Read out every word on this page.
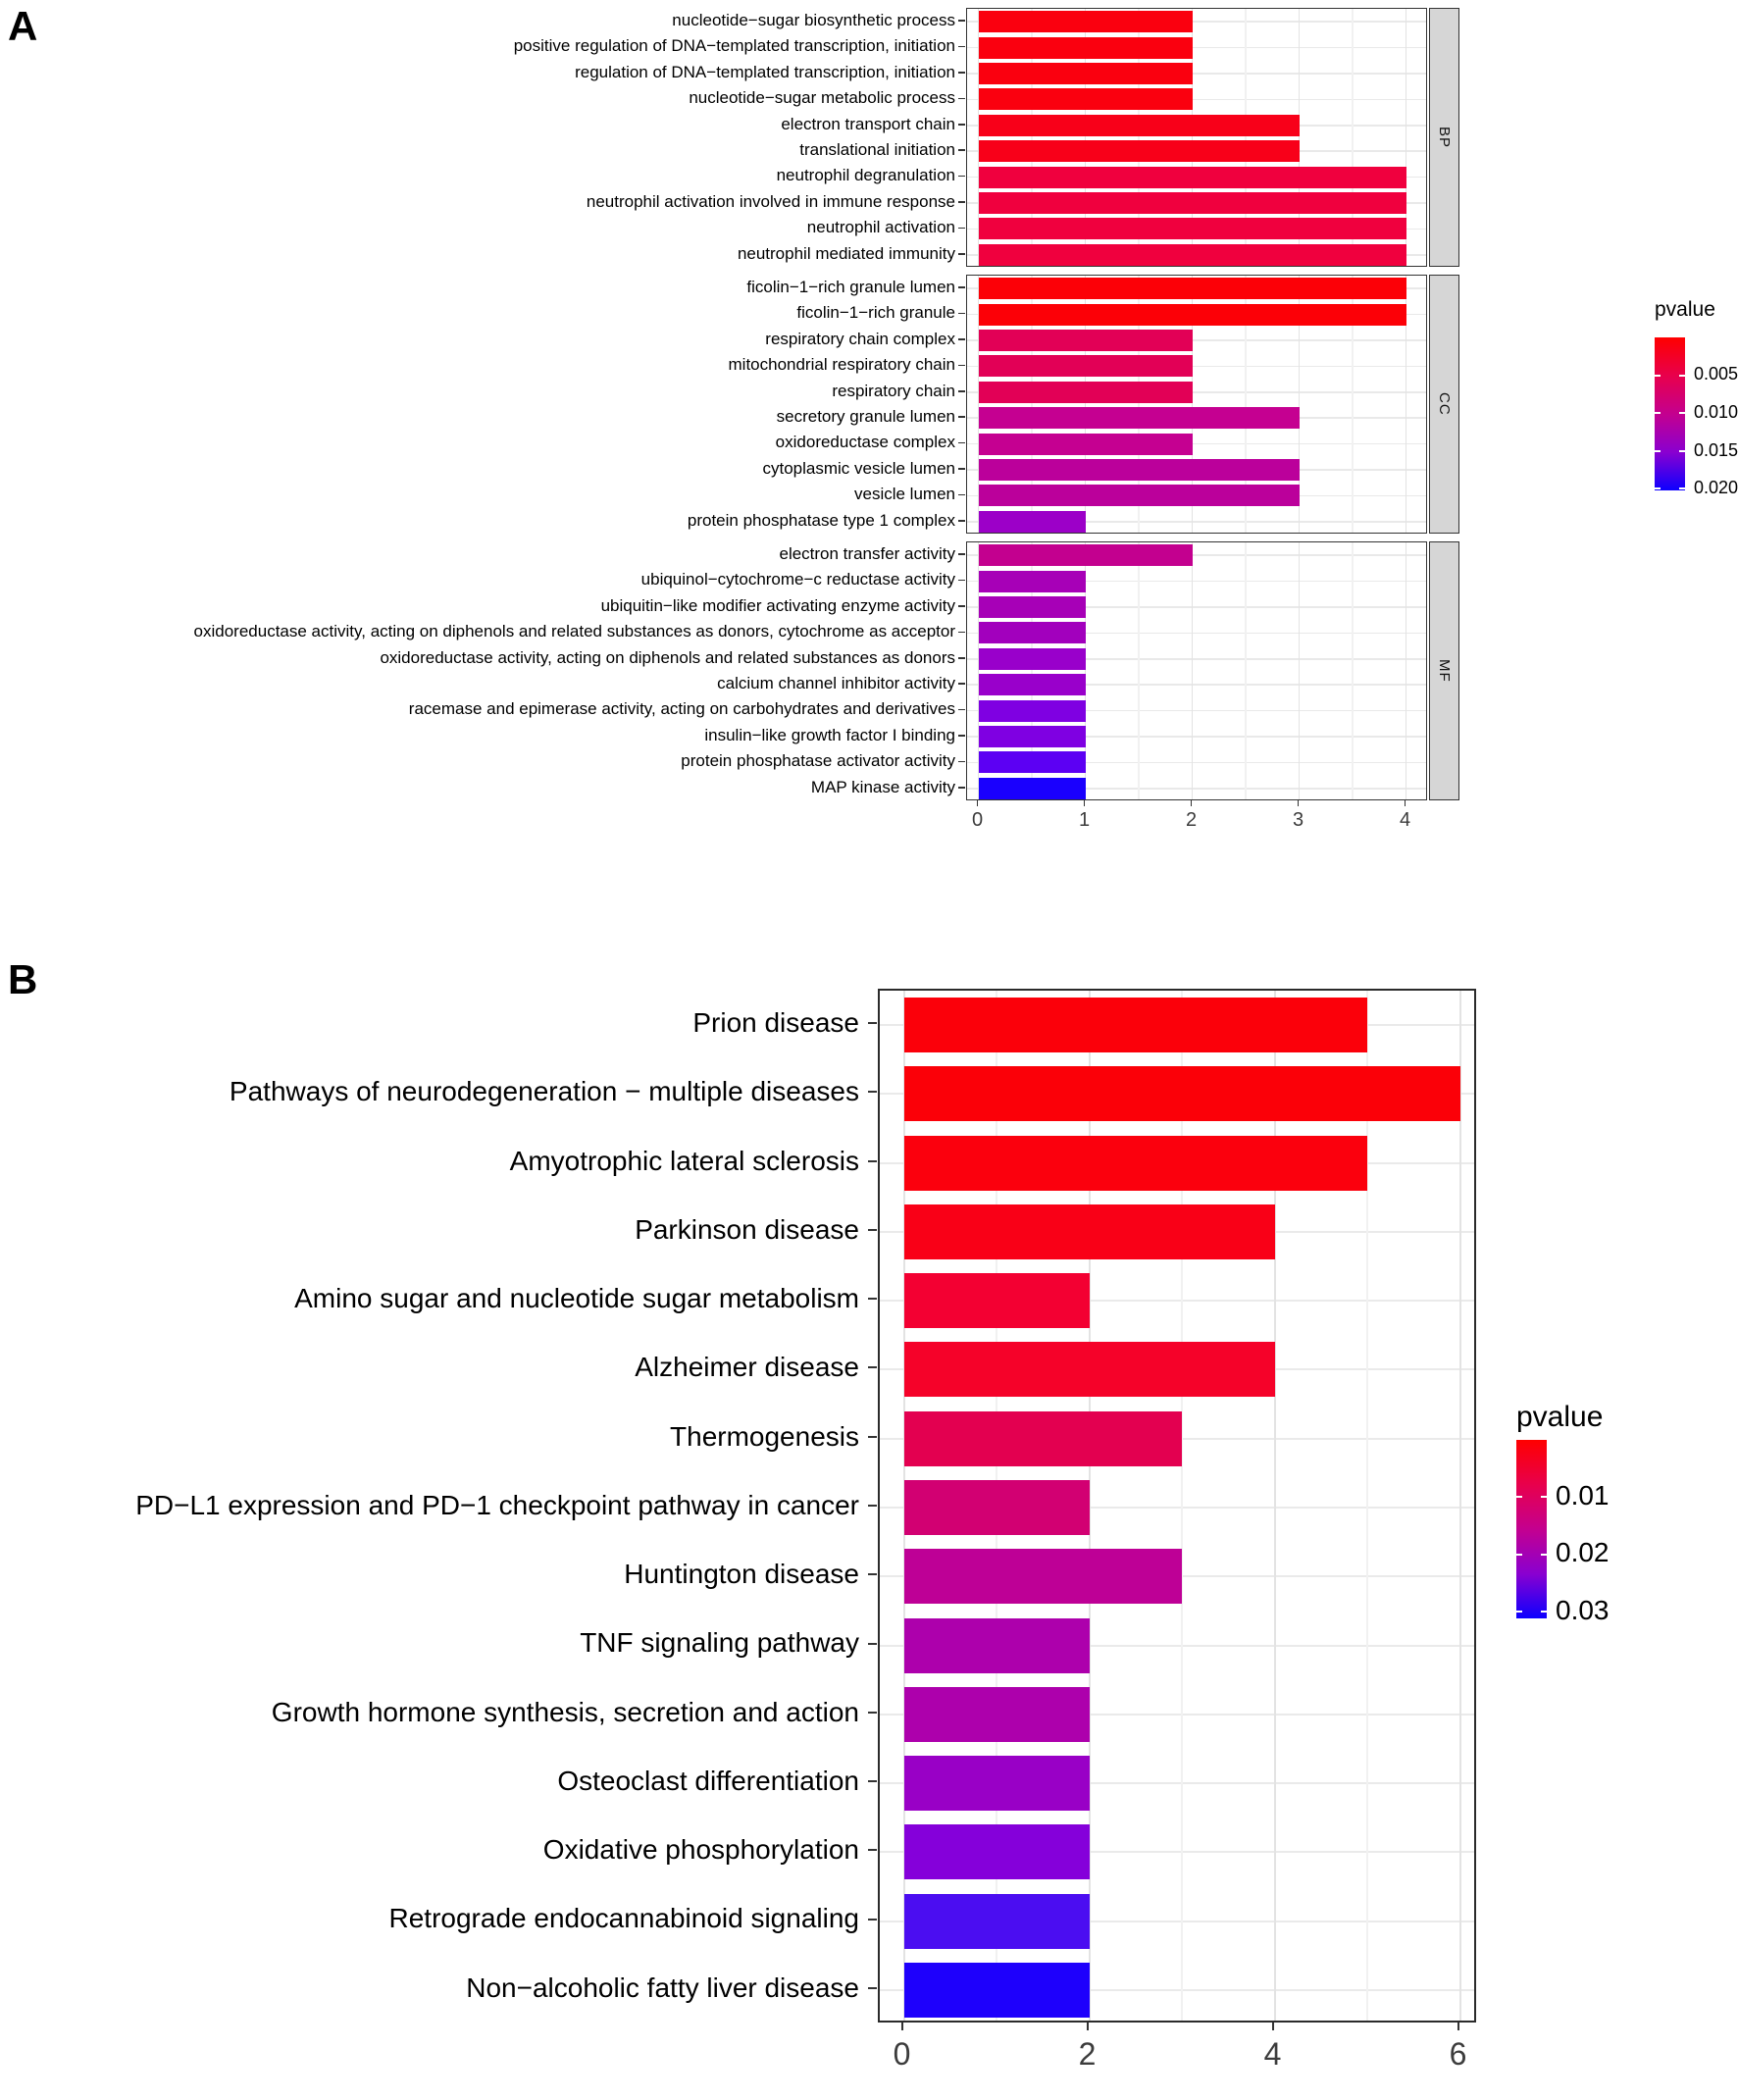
A	nucleotide−sugar biosynthetic process
positive regulation of DNA−templated transcription, initiation
regulation of DNA−templated transcription, initiation
nucleotide−sugar metabolic process
electron transport chain
translational initiation
neutrophil degranulation
neutrophil activation involved in immune response
neutrophil activation
neutrophil mediated immunity
BP
ficolin−1−rich granule lumen
ficolin−1−rich granule
respiratory chain complex
mitochondrial respiratory chain
respiratory chain
secretory granule lumen
oxidoreductase complex
cytoplasmic vesicle lumen
vesicle lumen
protein phosphatase type 1 complex
CC
electron transfer activity
ubiquinol−cytochrome−c reductase activity
ubiquitin−like modifier activating enzyme activity
oxidoreductase activity, acting on diphenols and related substances as donors, cytochrome as acceptor
oxidoreductase activity, acting on diphenols and related substances as donors
calcium channel inhibitor activity
racemase and epimerase activity, acting on carbohydrates and derivatives
insulin−like growth factor I binding
protein phosphatase activator activity
MAP kinase activity
MF
0	1	2	3	4
pvalue
0.005
0.010
0.015
0.020
B
Prion disease
Pathways of neurodegeneration − multiple diseases
Amyotrophic lateral sclerosis
Parkinson disease
Amino sugar and nucleotide sugar metabolism
Alzheimer disease
Thermogenesis
PD−L1 expression and PD−1 checkpoint pathway in cancer
Huntington disease
TNF signaling pathway
Growth hormone synthesis, secretion and action
Osteoclast differentiation
Oxidative phosphorylation
Retrograde endocannabinoid signaling
Non−alcoholic fatty liver disease
0	2	4	6
pvalue
0.01
0.02
0.03
